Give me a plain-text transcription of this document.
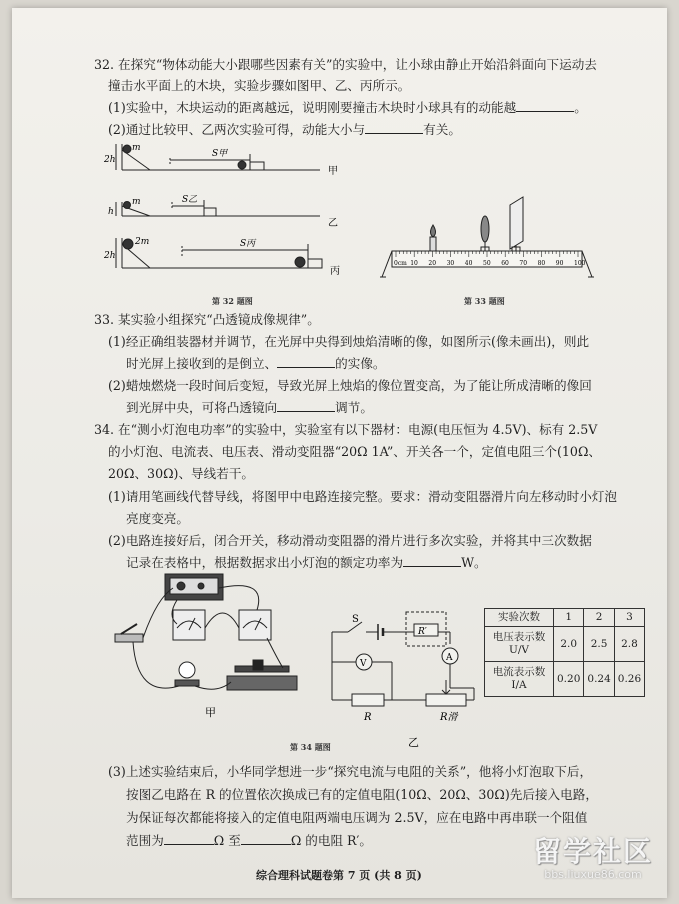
32. 在探究“物体动能大小跟哪些因素有关”的实验中，让小球由静止开始沿斜面向下运动去
撞击水平面上的木块，实验步骤如图甲、乙、丙所示。
(1)实验中，木块运动的距离越远，说明刚要撞击木块时小球具有的动能越	。
(2)通过比较甲、乙两次实验可得，动能大小与	有关。
m
2h
S甲
甲
m
h
S乙
乙
2m
2h
S丙
丙
第 32 题图
0cm 10 20 30 40 50 60 70 80 90 100
第 33 题图
33. 某实验小组探究“凸透镜成像规律”。
(1)经正确组装器材并调节，在光屏中央得到烛焰清晰的像，如图所示(像未画出)，则此
时光屏上接收到的是倒立、	的实像。
(2)蜡烛燃烧一段时间后变短，导致光屏上烛焰的像位置变高，为了能让所成清晰的像回
到光屏中央，可将凸透镜向	调节。
34. 在“测小灯泡电功率”的实验中，实验室有以下器材：电源(电压恒为 4.5V)、标有 2.5V
的小灯泡、电流表、电压表、滑动变阻器“20Ω 1A”、开关各一个，定值电阻三个(10Ω、
20Ω、30Ω)、导线若干。
(1)请用笔画线代替导线，将图甲中电路连接完整。要求：滑动变阻器滑片向左移动时小灯泡
亮度变亮。
(2)电路连接好后，闭合开关，移动滑动变阻器的滑片进行多次实验，并将其中三次数据
记录在表格中，根据数据求出小灯泡的额定功率为	W。
甲
S
R′
A
V
R	R滑
乙
实验次数	1	2	3
电压表示数 U/V	2.0	2.5	2.8
电流表示数 I/A	0.20	0.24	0.26
第 34 题图
(3)上述实验结束后，小华同学想进一步“探究电流与电阻的关系”，他将小灯泡取下后，
按图乙电路在 R 的位置依次换成已有的定值电阻(10Ω、20Ω、30Ω)先后接入电路，
为保证每次都能将接入的定值电阻两端电压调为 2.5V，应在电路中再串联一个阻值
范围为	Ω 至	Ω 的电阻 R′。
综合理科试题卷第 7 页 (共 8 页)
留学社区
bbs.liuxue86.com
